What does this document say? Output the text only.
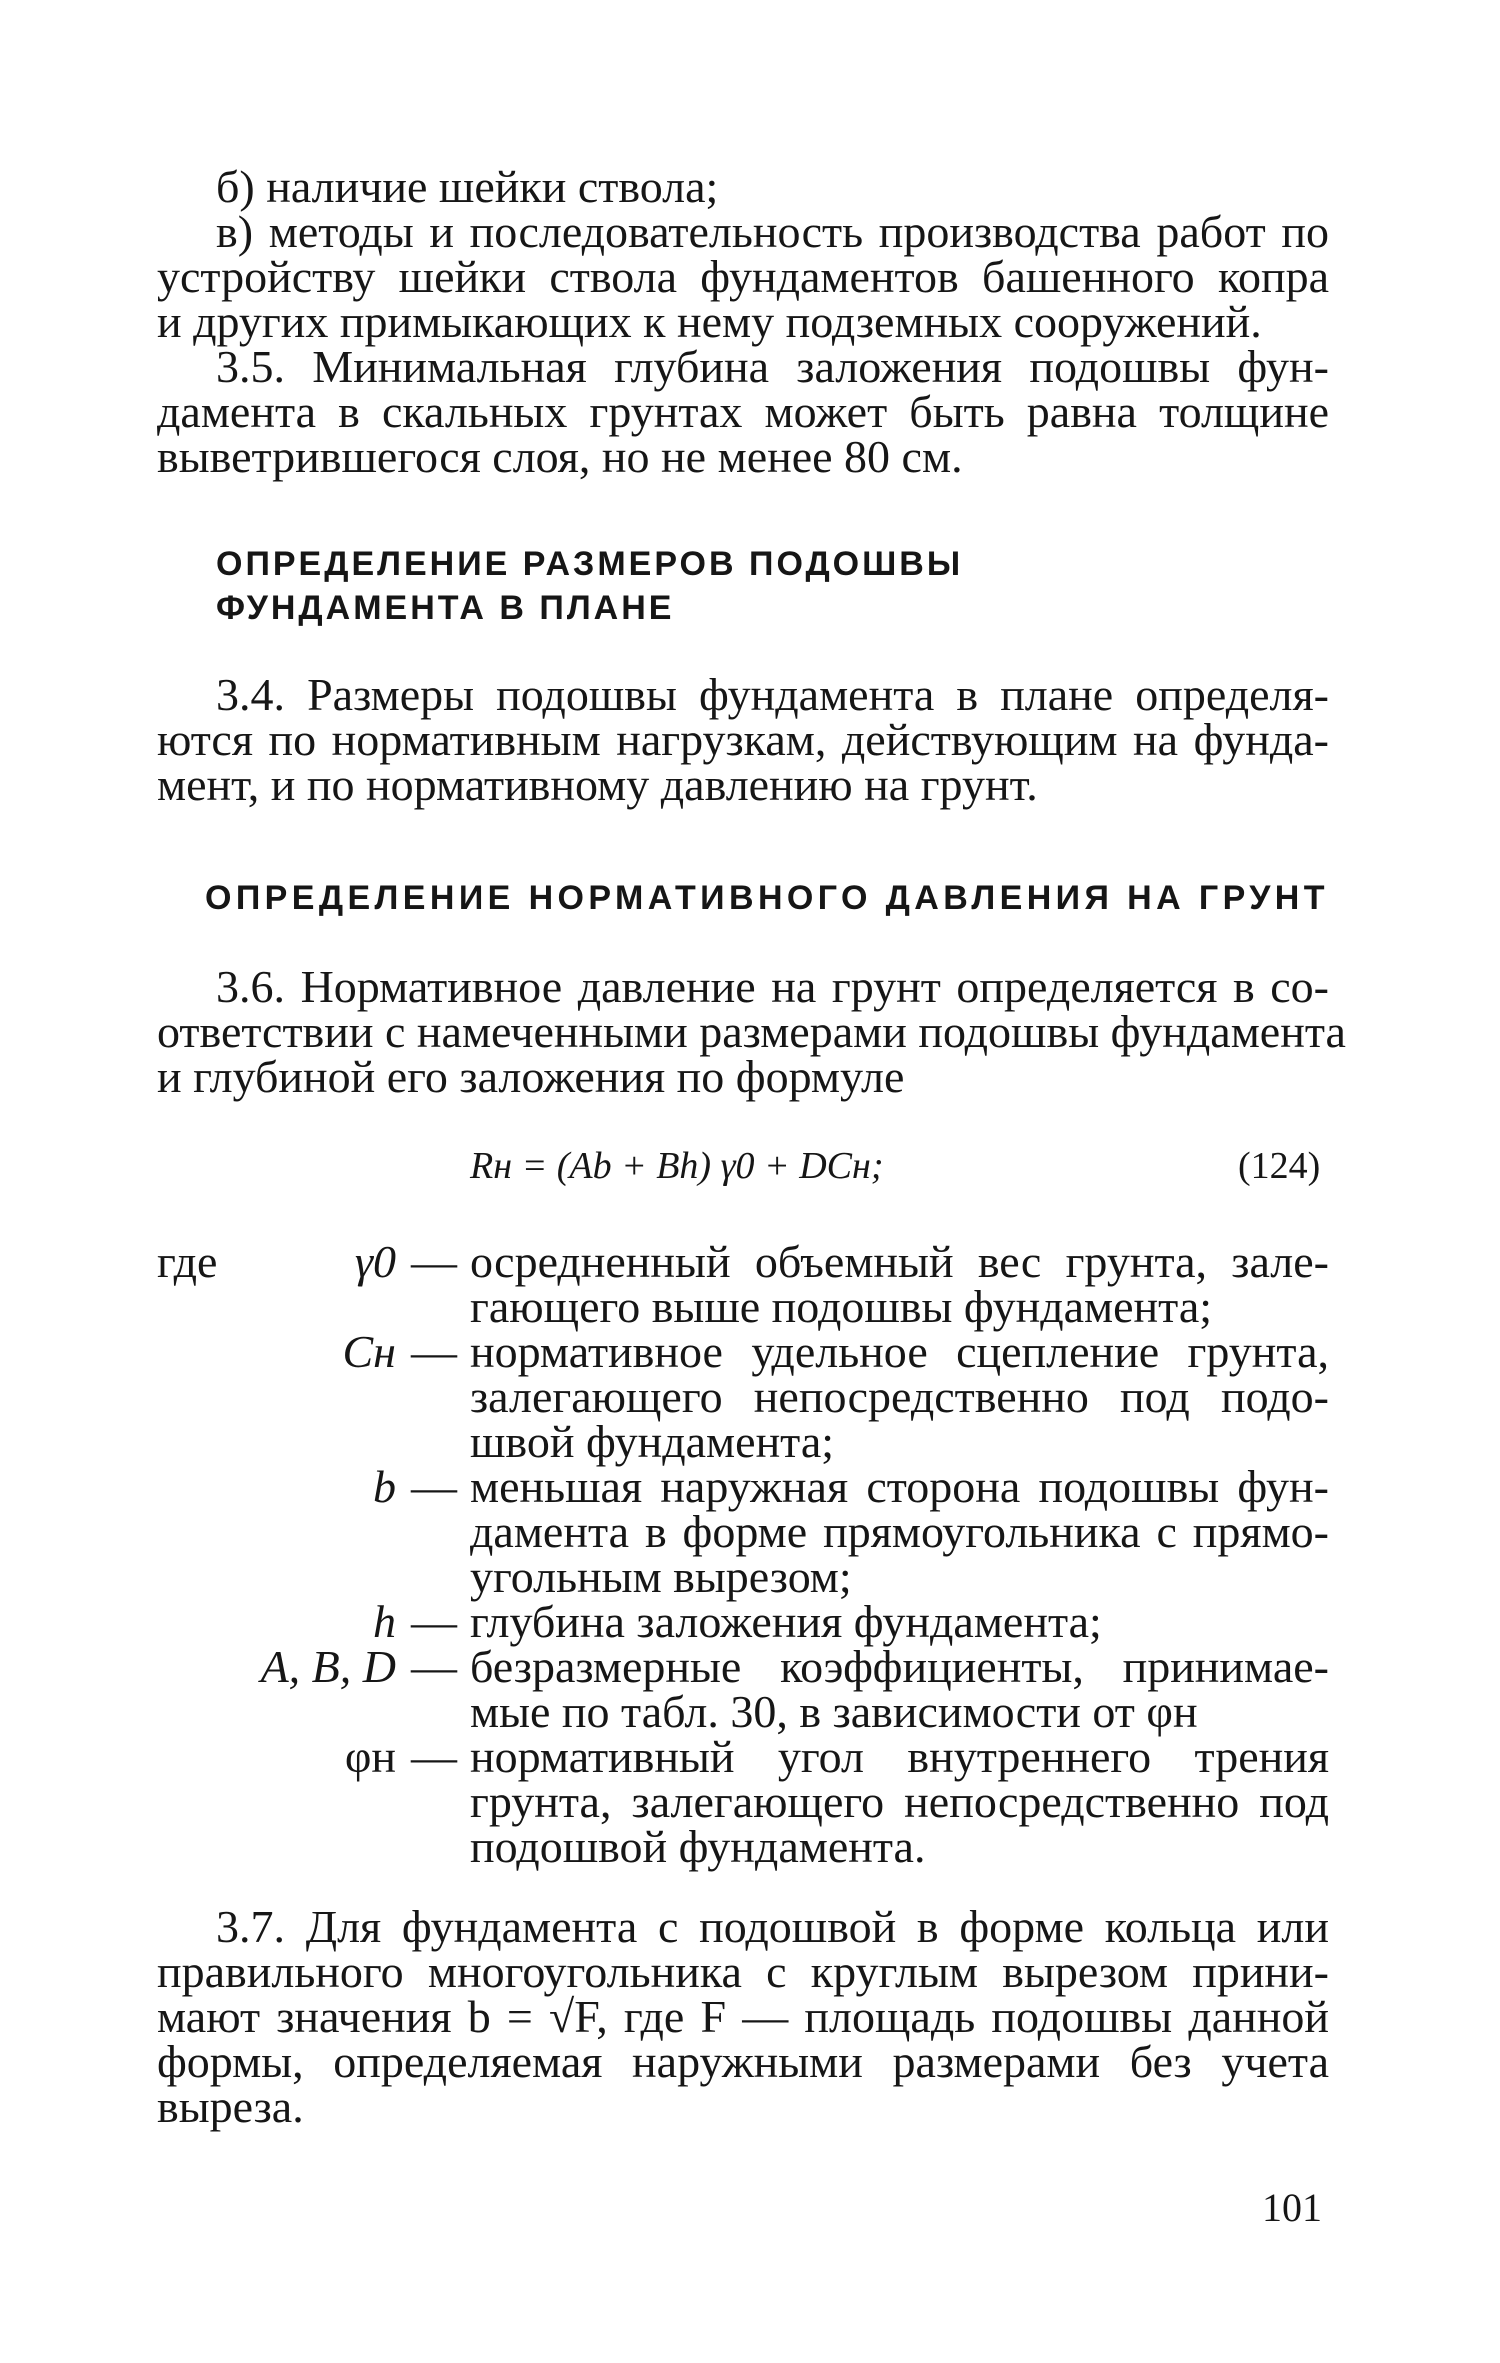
б) наличие шейки ствола;

в) методы и последовательность производства работ по

устройству шейки ствола фундаментов башенного копра

и других примыкающих к нему подземных сооружений.

3.5. Минимальная глубина заложения подошвы фун-

дамента в скальных грунтах может быть равна толщине

выветрившегося слоя, но не менее 80 см.

ОПРЕДЕЛЕНИЕ РАЗМЕРОВ ПОДОШВЫ

ФУНДАМЕНТА В ПЛАНЕ

3.4. Размеры подошвы фундамента в плане определя-

ются по нормативным нагрузкам, действующим на фунда-

мент, и по нормативному давлению на грунт.

ОПРЕДЕЛЕНИЕ НОРМАТИВНОГО ДАВЛЕНИЯ НА ГРУНТ

3.6. Нормативное давление на грунт определяется в со-

ответствии с намеченными размерами подошвы фундамента

и глубиной его заложения по формуле

Rн = (Ab + Bh) γ0 + DCн;	(124)

где	γ0 — осредненный объемный вес грунта, зале-

гающего выше подошвы фундамента;

Cн — нормативное удельное сцепление грунта,

залегающего непосредственно под подо-

швой фундамента;

b — меньшая наружная сторона подошвы фун-

дамента в форме прямоугольника с прямо-

угольным вырезом;

h — глубина заложения фундамента;

A, B, D — безразмерные коэффициенты, принимае-

мые по табл. 30, в зависимости от φн

φн — нормативный угол внутреннего трения

грунта, залегающего непосредственно под

подошвой фундамента.

3.7. Для фундамента с подошвой в форме кольца или

правильного многоугольника с круглым вырезом прини-

мают значения b = √F, где F — площадь подошвы данной

формы, определяемая наружными размерами без учета

выреза.

101
